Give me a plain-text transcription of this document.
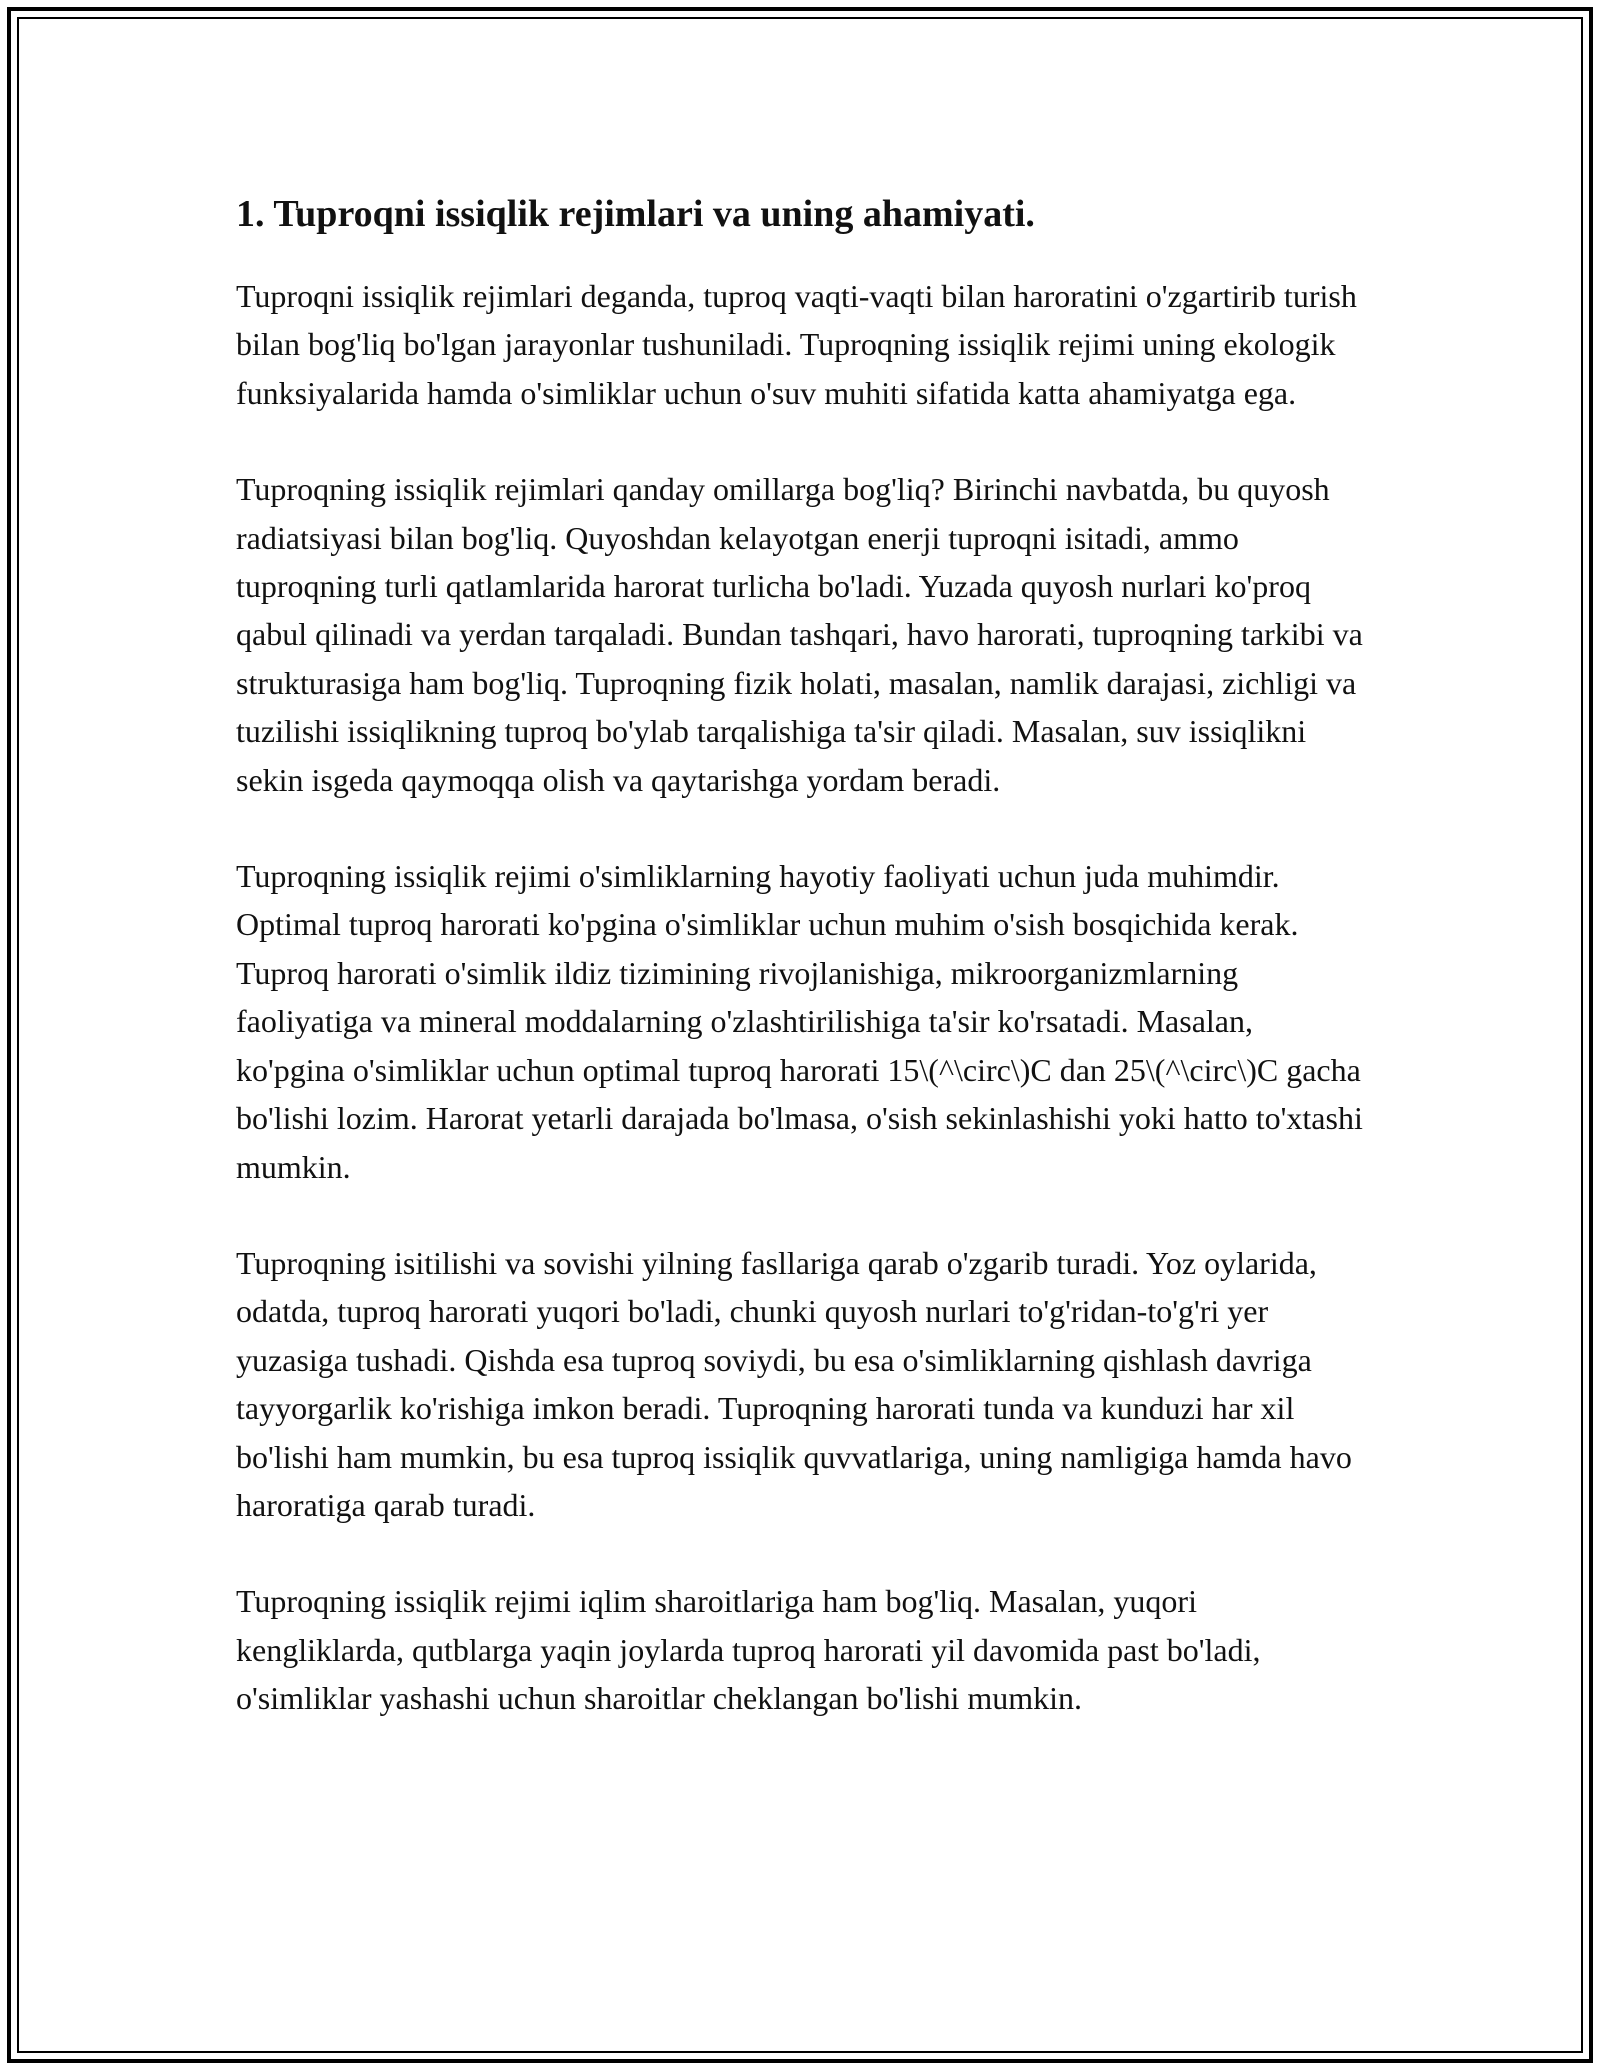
1. Tuproqni issiqlik rejimlari va uning ahamiyati.

Tuproqni issiqlik rejimlari deganda, tuproq vaqti-vaqti bilan haroratini o'zgartirib turish bilan bog'liq bo'lgan jarayonlar tushuniladi. Tuproqning issiqlik rejimi uning ekologik funksiyalarida hamda o'simliklar uchun o'suv muhiti sifatida katta ahamiyatga ega.

Tuproqning issiqlik rejimlari qanday omillarga bog'liq? Birinchi navbatda, bu quyosh radiatsiyasi bilan bog'liq. Quyoshdan kelayotgan enerji tuproqni isitadi, ammo tuproqning turli qatlamlarida harorat turlicha bo'ladi. Yuzada quyosh nurlari ko'proq qabul qilinadi va yerdan tarqaladi. Bundan tashqari, havo harorati, tuproqning tarkibi va strukturasiga ham bog'liq. Tuproqning fizik holati, masalan, namlik darajasi, zichligi va tuzilishi issiqlikning tuproq bo'ylab tarqalishiga ta'sir qiladi. Masalan, suv issiqlikni sekin isgeda qaymoqqa olish va qaytarishga yordam beradi.

Tuproqning issiqlik rejimi o'simliklarning hayotiy faoliyati uchun juda muhimdir. Optimal tuproq harorati ko'pgina o'simliklar uchun muhim o'sish bosqichida kerak. Tuproq harorati o'simlik ildiz tizimining rivojlanishiga, mikroorganizmlarning faoliyatiga va mineral moddalarning o'zlashtirilishiga ta'sir ko'rsatadi. Masalan, ko'pgina o'simliklar uchun optimal tuproq harorati 15\(^\circ\)C dan 25\(^\circ\)C gacha bo'lishi lozim. Harorat yetarli darajada bo'lmasa, o'sish sekinlashishi yoki hatto to'xtashi mumkin.

Tuproqning isitilishi va sovishi yilning fasllariga qarab o'zgarib turadi. Yoz oylarida, odatda, tuproq harorati yuqori bo'ladi, chunki quyosh nurlari to'g'ridan-to'g'ri yer yuzasiga tushadi. Qishda esa tuproq soviydi, bu esa o'simliklarning qishlash davriga tayyorgarlik ko'rishiga imkon beradi. Tuproqning harorati tunda va kunduzi har xil bo'lishi ham mumkin, bu esa tuproq issiqlik quvvatlariga, uning namligiga hamda havo haroratiga qarab turadi.

Tuproqning issiqlik rejimi iqlim sharoitlariga ham bog'liq. Masalan, yuqori kengliklarda, qutblarga yaqin joylarda tuproq harorati yil davomida past bo'ladi, o'simliklar yashashi uchun sharoitlar cheklangan bo'lishi mumkin.
